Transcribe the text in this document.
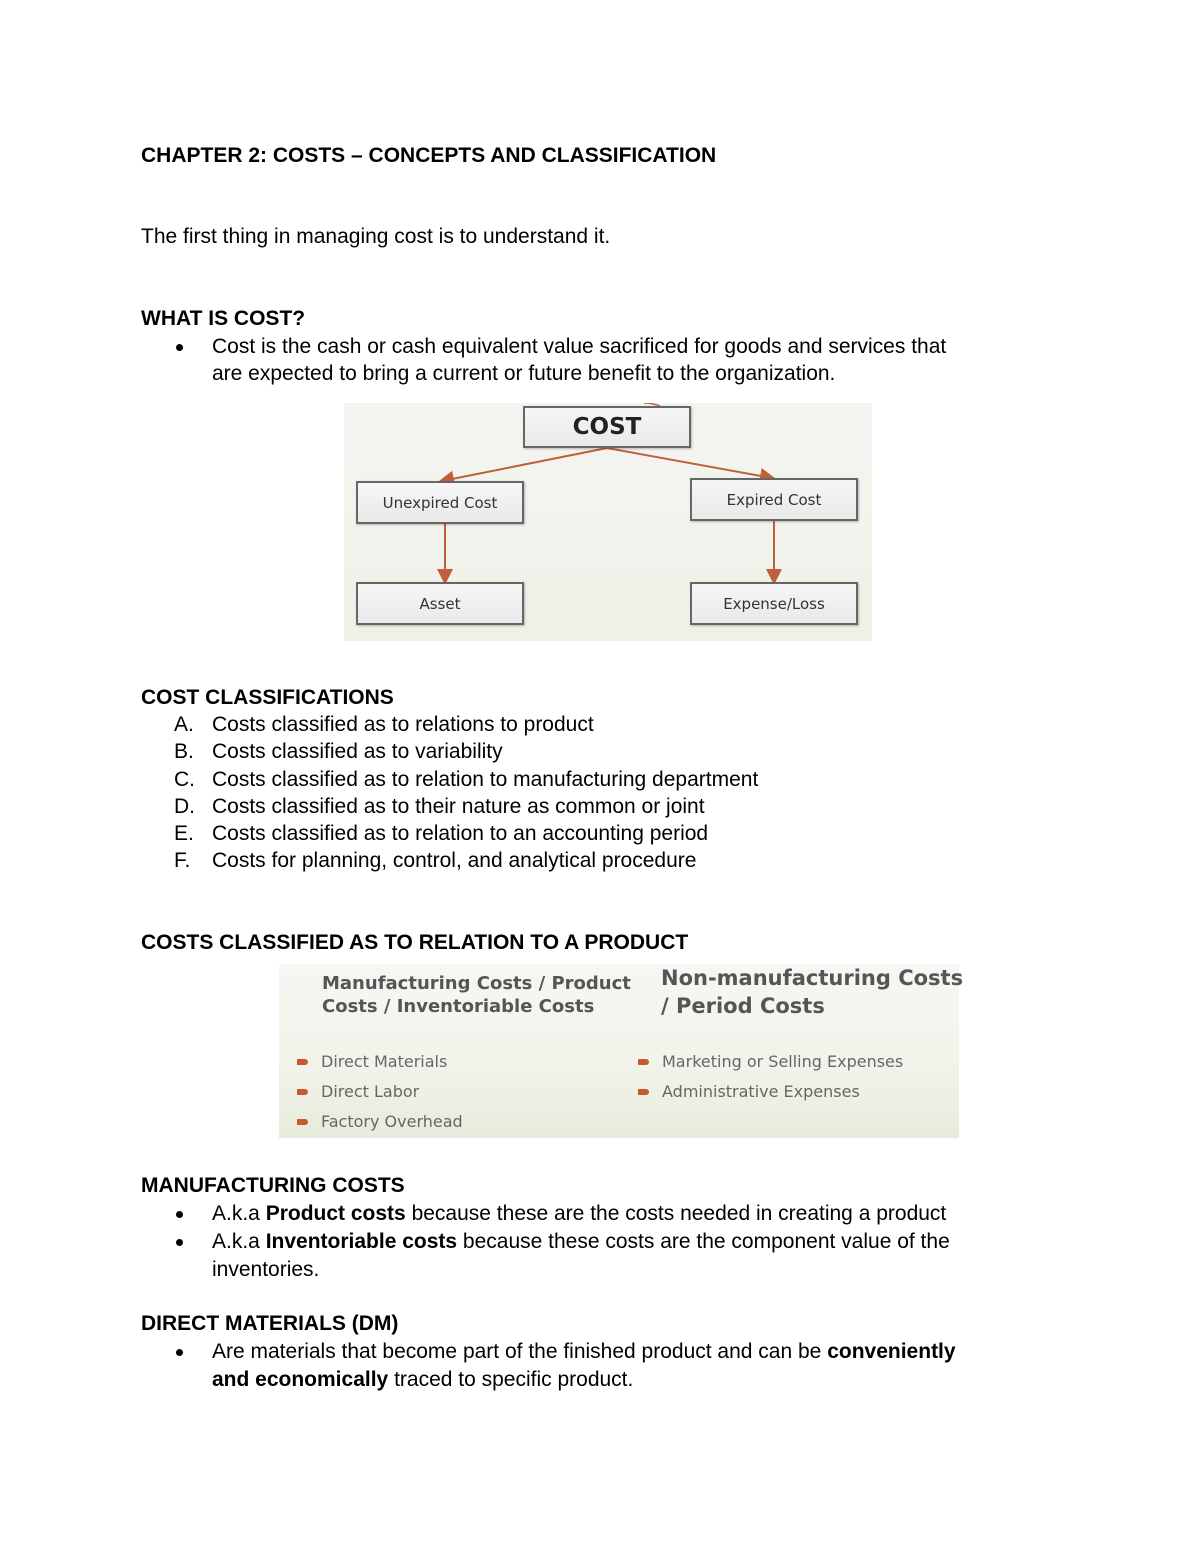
CHAPTER 2: COSTS – CONCEPTS AND CLASSIFICATION

The first thing in managing cost is to understand it.

WHAT IS COST?

Cost is the cash or cash equivalent value sacrificed for goods and services that

are expected to bring a current or future benefit to the organization.

COST
Unexpired Cost	Expired Cost
Asset	Expense/Loss

COST CLASSIFICATIONS

A. Costs classified as to relations to product

B. Costs classified as to variability

C. Costs classified as to relation to manufacturing department

D. Costs classified as to their nature as common or joint

E. Costs classified as to relation to an accounting period

F. Costs for planning, control, and analytical procedure

COSTS CLASSIFIED AS TO RELATION TO A PRODUCT

Manufacturing Costs / Product
Costs / Inventoriable Costs
Non-manufacturing Costs
/ Period Costs
Direct Materials
Direct Labor
Factory Overhead
Marketing or Selling Expenses
Administrative Expenses

MANUFACTURING COSTS

A.k.a Product costs because these are the costs needed in creating a product

A.k.a Inventoriable costs because these costs are the component value of the

inventories.

DIRECT MATERIALS (DM)

Are materials that become part of the finished product and can be conveniently

and economically traced to specific product.
